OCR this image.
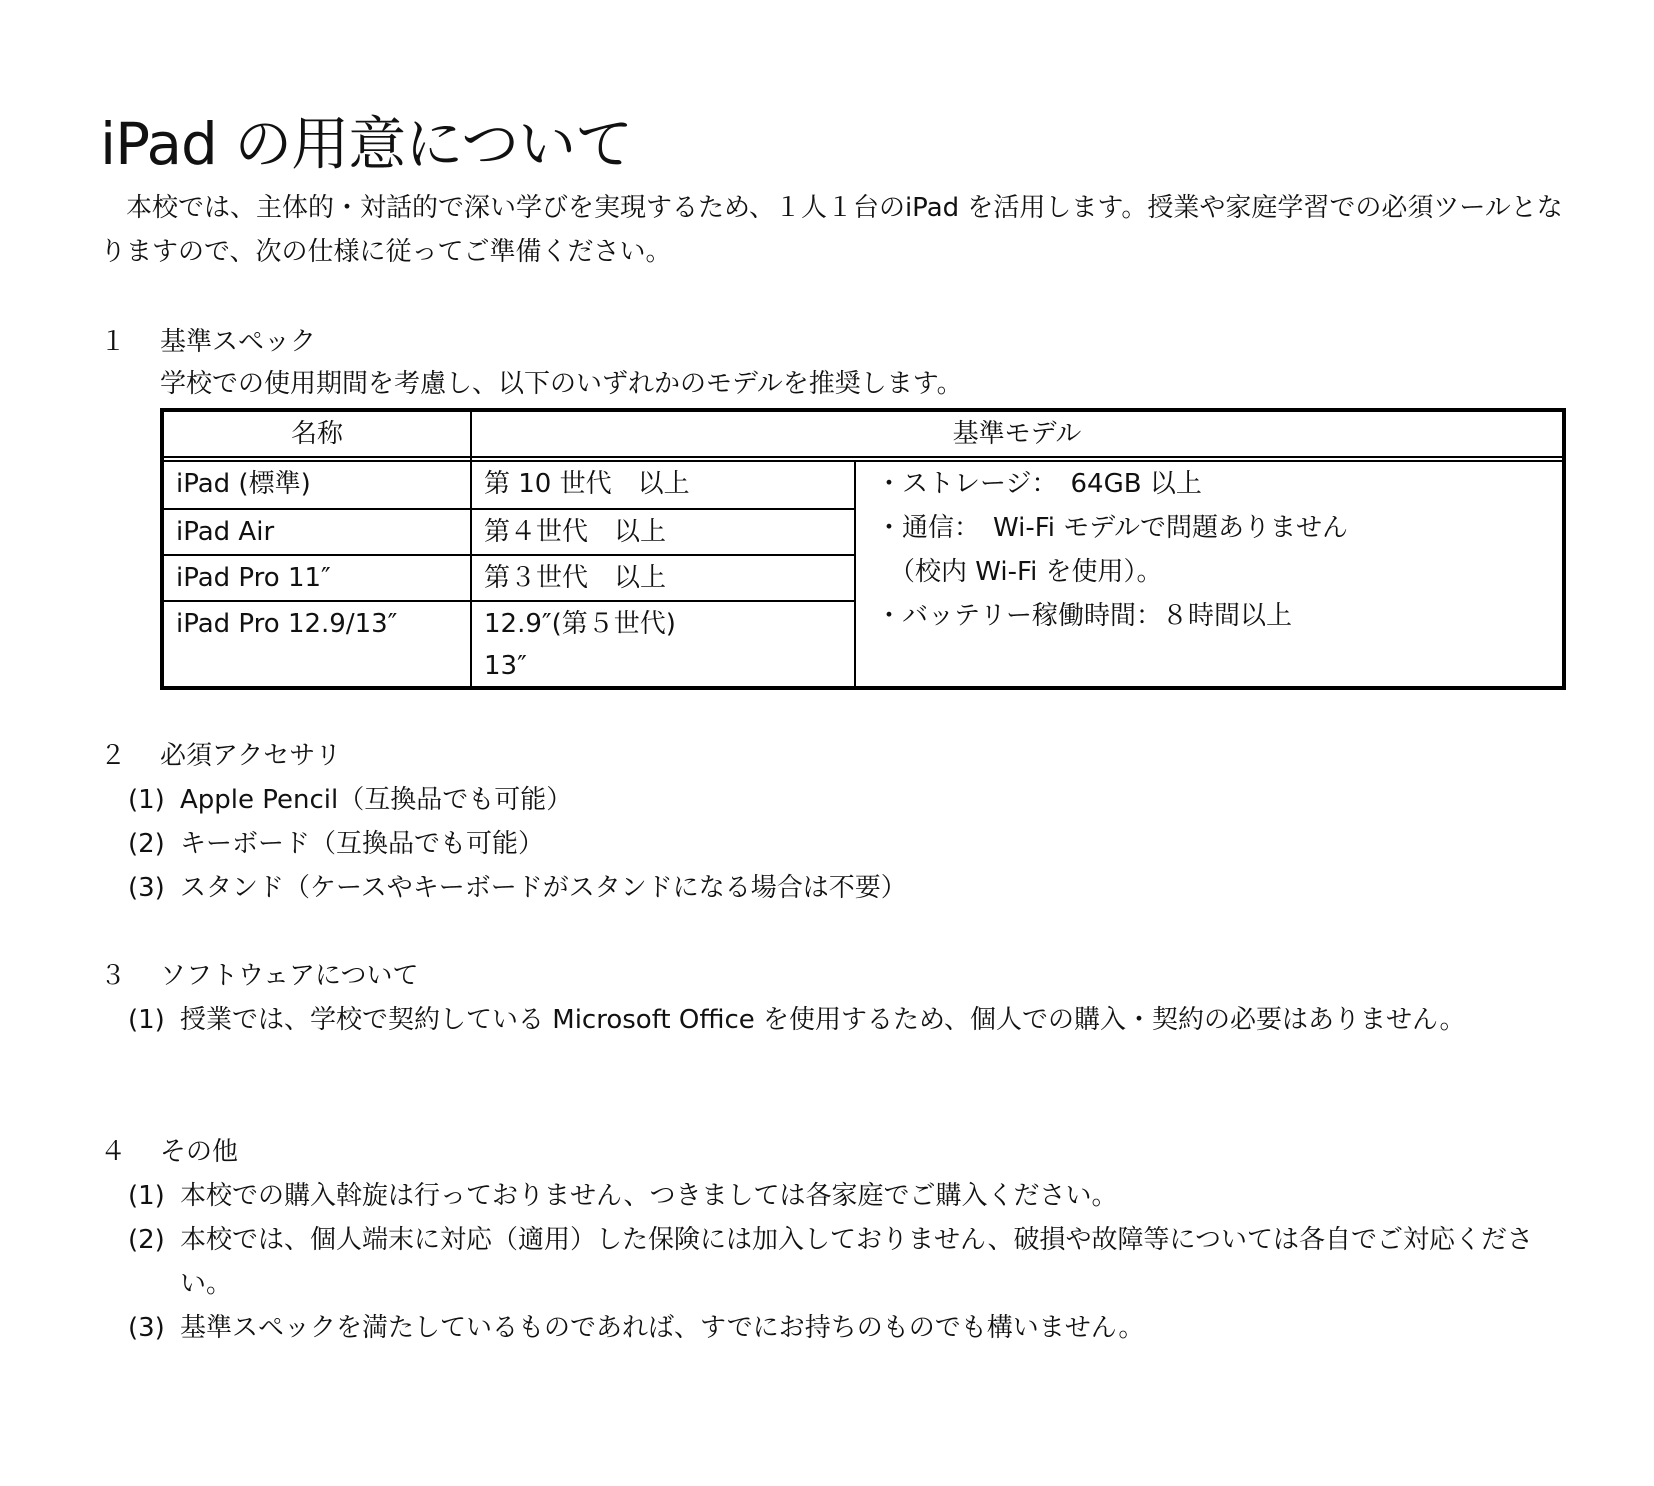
iPad の用意について

本校では、主体的・対話的で深い学びを実現するため、１人１台のiPad を活用します。授業や家庭学習での必須ツールとなりますので、次の仕様に従ってご準備ください。

１ 基準スペック

学校での使用期間を考慮し、以下のいずれかのモデルを推奨します。

名称	基準モデル
iPad (標準)
iPad Air
iPad Pro 11″
iPad Pro 12.9/13″
第 10 世代　以上
第４世代　以上
第３世代　以上
12.9″(第５世代)
13″
・ストレージ：　64GB 以上
・通信：　Wi-Fi モデルで問題ありません
　（校内 Wi-Fi を使用）。
・バッテリー稼働時間：８時間以上
２ 必須アクセサリ

(1) Apple Pencil（互換品でも可能）

(2) キーボード（互換品でも可能）

(3) スタンド（ケースやキーボードがスタンドになる場合は不要）

３ ソフトウェアについて
(1) 授業では、学校で契約している Microsoft Office を使用するため、個人での購入・契約の必要はありません。
４ その他
(1) 本校での購入斡旋は行っておりません、つきましては各家庭でご購入ください。
(2) 本校では、個人端末に対応（適用）した保険には加入しておりません、破損や故障等については各自でご対応ください。
(3) 基準スペックを満たしているものであれば、すでにお持ちのものでも構いません。
